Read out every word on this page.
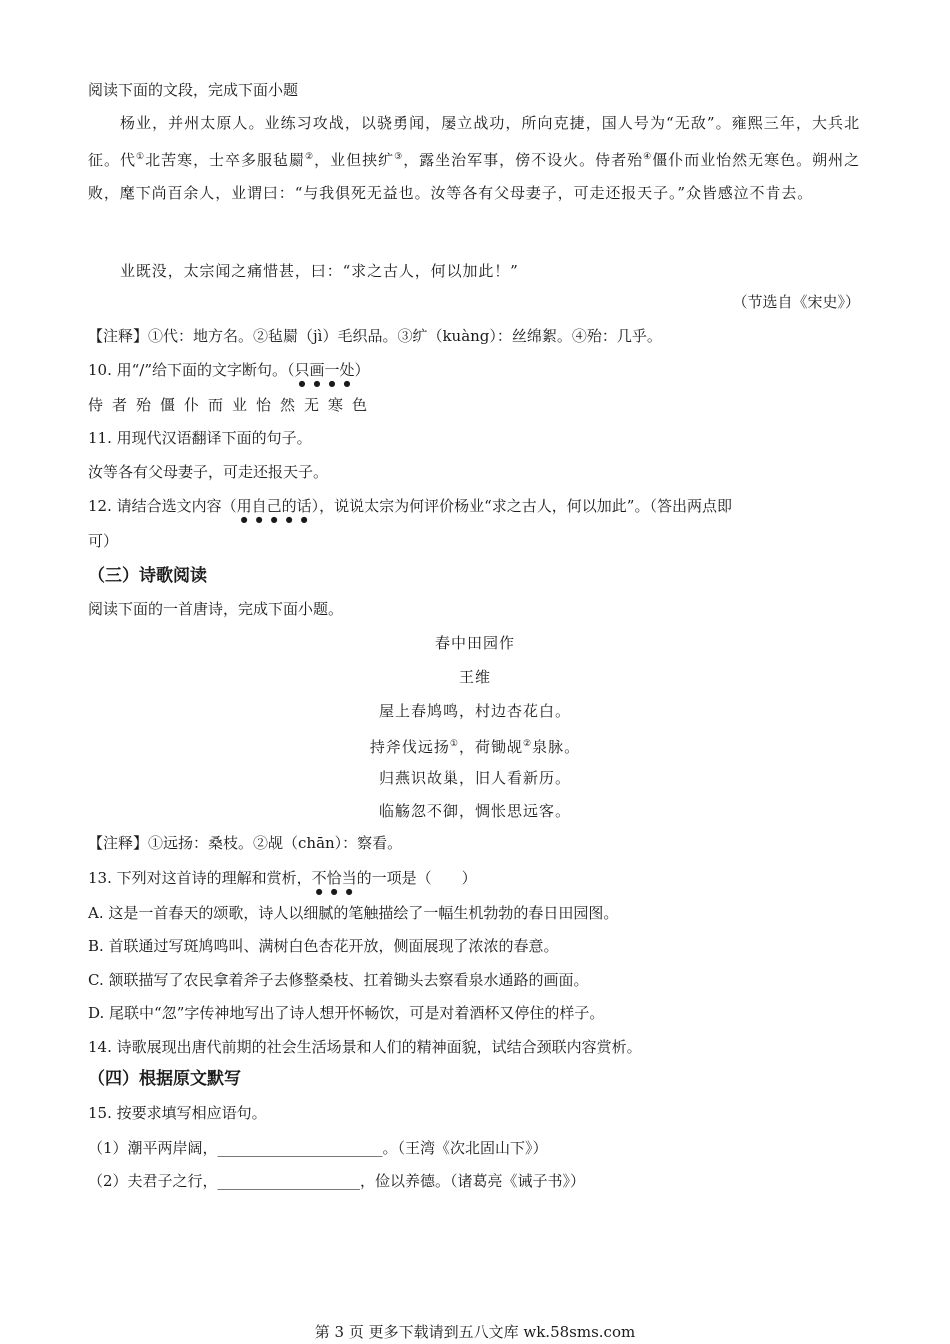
阅读下面的文段，完成下面小题

杨业，并州太原人。业练习攻战，以骁勇闻，屡立战功，所向克捷，国人号为“无敌”。雍熙三年，大兵北征。代①北苦寒，士卒多服毡罽②，业但挟纩③，露坐治军事，傍不设火。侍者殆④僵仆而业怡然无寒色。朔州之败，麾下尚百余人，业谓曰：“与我俱死无益也。汝等各有父母妻子，可走还报天子。”众皆感泣不肯去。

业既没，太宗闻之痛惜甚，曰：“求之古人，何以加此！”

（节选自《宋史》）
【注释】①代：地方名。②毡罽（jì）毛织品。③纩（kuàng）：丝绵絮。④殆：几乎。
10. 用“/”给下面的文字断句。（只画一处）
侍者殆僵仆而业怡然无寒色
11. 用现代汉语翻译下面的句子。
汝等各有父母妻子，可走还报天子。
12. 请结合选文内容（用自己的话），说说太宗为何评价杨业“求之古人，何以加此”。（答出两点即
可）
（三）诗歌阅读
阅读下面的一首唐诗，完成下面小题。
春中田园作
王维
屋上春鸠鸣，村边杏花白。
持斧伐远扬①，荷锄觇②泉脉。
归燕识故巢，旧人看新历。
临觞忽不御，惆怅思远客。
【注释】①远扬：桑枝。②觇（chān）：察看。
13. 下列对这首诗的理解和赏析，不恰当的一项是（　　）
A. 这是一首春天的颂歌，诗人以细腻的笔触描绘了一幅生机勃勃的春日田园图。
B. 首联通过写斑鸠鸣叫、满树白色杏花开放，侧面展现了浓浓的春意。
C. 颔联描写了农民拿着斧子去修整桑枝、扛着锄头去察看泉水通路的画面。
D. 尾联中“忽”字传神地写出了诗人想开怀畅饮，可是对着酒杯又停住的样子。
14. 诗歌展现出唐代前期的社会生活场景和人们的精神面貌，试结合颈联内容赏析。
（四）根据原文默写
15. 按要求填写相应语句。
（1）潮平两岸阔，______________________。（王湾《次北固山下》）
（2）夫君子之行，___________________，俭以养德。（诸葛亮《诫子书》）
第 3 页 更多下载请到五八文库 wk.58sms.com
